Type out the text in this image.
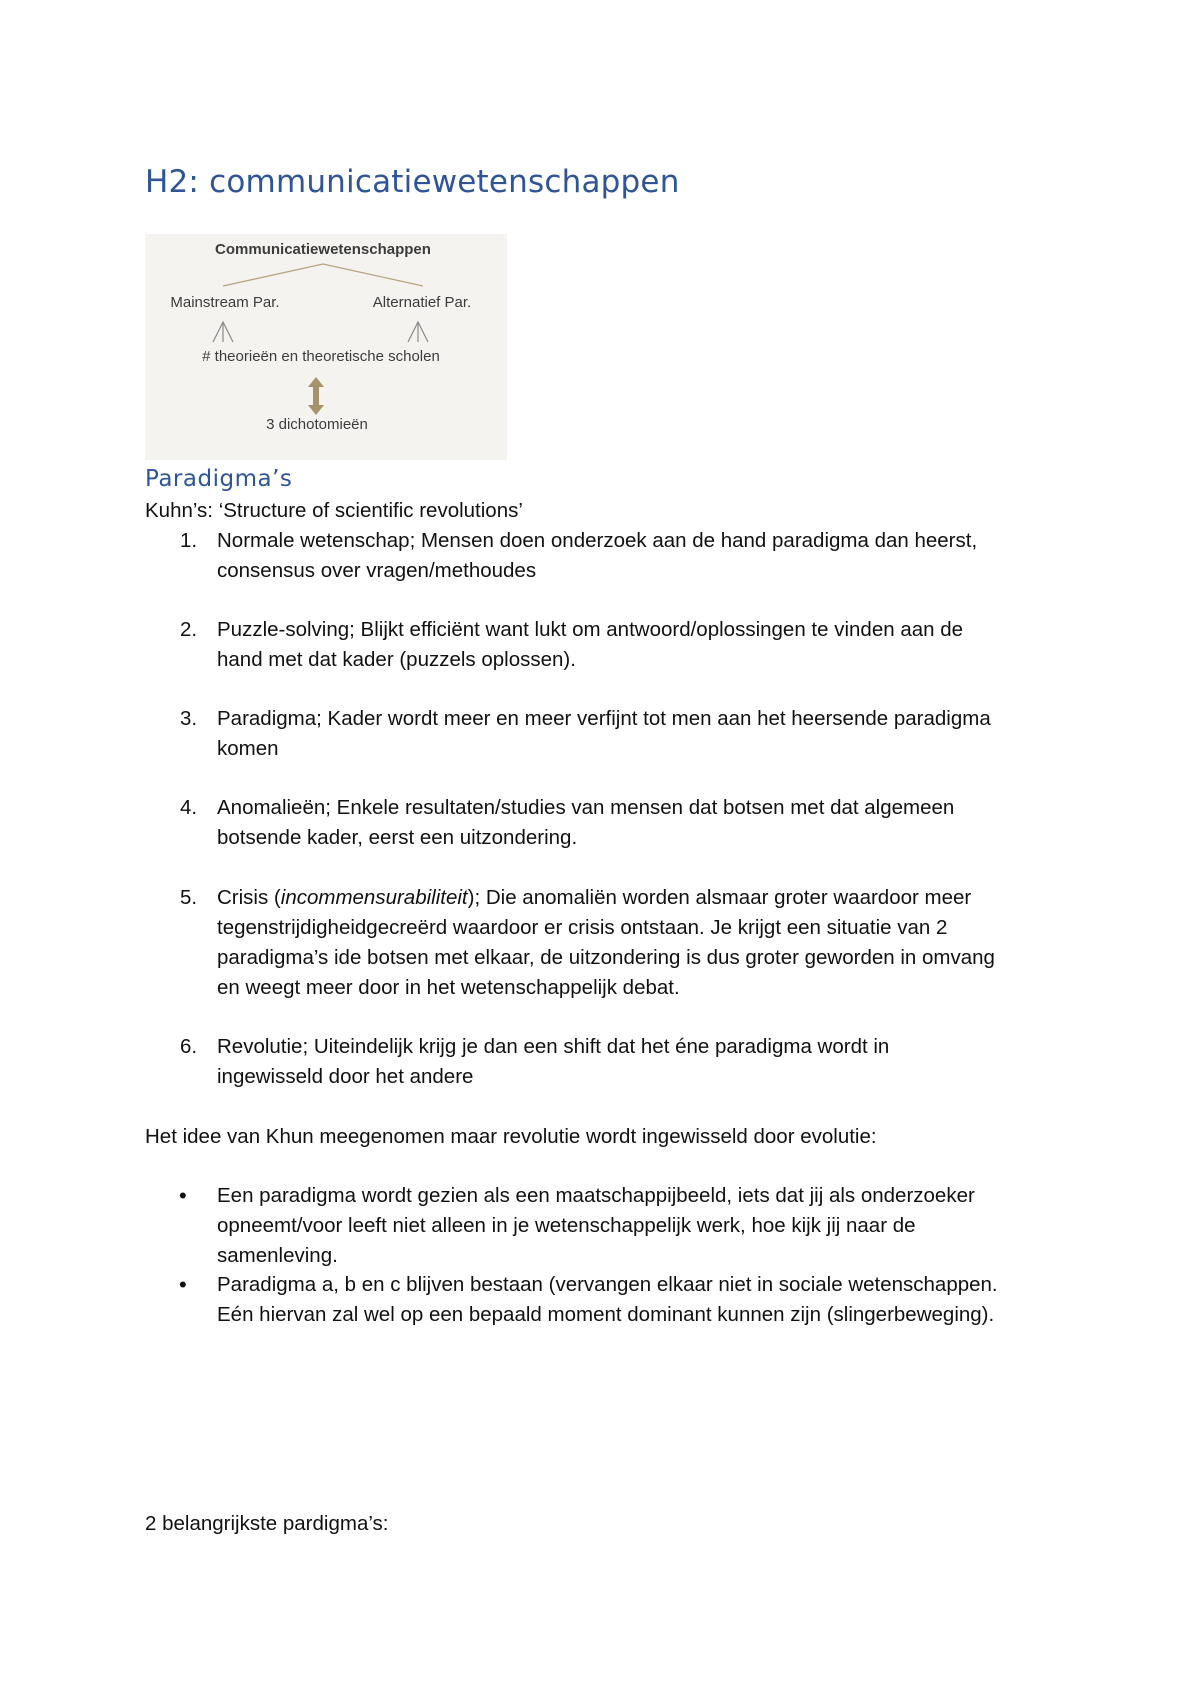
H2: communicatiewetenschappen
Communicatiewetenschappen
Mainstream Par.	Alternatief Par.
# theorieën en theoretische scholen
3 dichotomieën
Paradigma’s
Kuhn’s: ‘Structure of scientific revolutions’
1. Normale wetenschap; Mensen doen onderzoek aan de hand paradigma dan heerst,
consensus over vragen/methoudes
2. Puzzle-solving; Blijkt efficiënt want lukt om antwoord/oplossingen te vinden aan de
hand met dat kader (puzzels oplossen).
3. Paradigma; Kader wordt meer en meer verfijnt tot men aan het heersende paradigma
komen
4. Anomalieën; Enkele resultaten/studies van mensen dat botsen met dat algemeen
botsende kader, eerst een uitzondering.
5. Crisis (incommensurabiliteit); Die anomaliën worden alsmaar groter waardoor meer
tegenstrijdigheidgecreërd waardoor er crisis ontstaan. Je krijgt een situatie van 2
paradigma’s ide botsen met elkaar, de uitzondering is dus groter geworden in omvang
en weegt meer door in het wetenschappelijk debat.
6. Revolutie; Uiteindelijk krijg je dan een shift dat het éne paradigma wordt in
ingewisseld door het andere
Het idee van Khun meegenomen maar revolutie wordt ingewisseld door evolutie:
• Een paradigma wordt gezien als een maatschappijbeeld, iets dat jij als onderzoeker
opneemt/voor leeft niet alleen in je wetenschappelijk werk, hoe kijk jij naar de
samenleving.
• Paradigma a, b en c blijven bestaan (vervangen elkaar niet in sociale wetenschappen.
Eén hiervan zal wel op een bepaald moment dominant kunnen zijn (slingerbeweging).
2 belangrijkste pardigma’s:
